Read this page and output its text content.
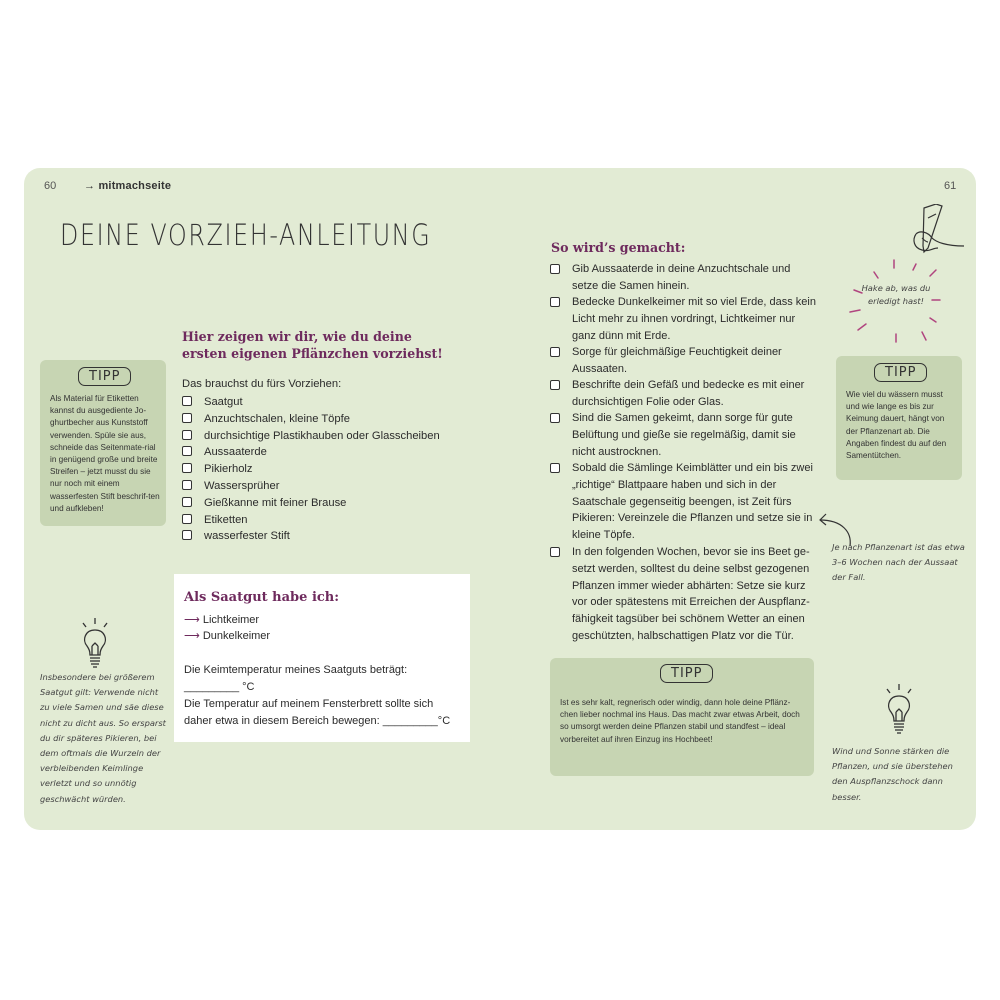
60	→ mitmachseite	61
DEINE VORZIEH-ANLEITUNG
TIPP
Als Material für Etiketten kannst du ausgediente Jo-ghurtbecher aus Kunststoff verwenden. Spüle sie aus, schneide das Seitenmate-rial in genügend große und breite Streifen – jetzt musst du sie nur noch mit einem wasserfesten Stift beschrif-ten und aufkleben!
Insbesondere bei größerem Saatgut gilt: Verwende nicht zu viele Samen und säe diese nicht zu dicht aus. So ersparst du dir späteres Pikieren, bei dem oftmals die Wurzeln der verbleibenden Keimlinge verletzt und so unnötig geschwächt würden.
Hier zeigen wir dir, wie du deine
ersten eigenen Pflänzchen vorziehst!
Das brauchst du fürs Vorziehen:
Saatgut
Anzuchtschalen, kleine Töpfe
durchsichtige Plastikhauben oder Glasscheiben
Aussaaterde
Pikierholz
Wassersprüher
Gießkanne mit feiner Brause
Etiketten
wasserfester Stift
Als Saatgut habe ich:
⟶ Lichtkeimer
⟶ Dunkelkeimer
Die Keimtemperatur meines Saatguts beträgt:
_________ °C
Die Temperatur auf meinem Fensterbrett sollte sich
daher etwa in diesem Bereich bewegen: _________°C
So wird’s gemacht:
Gib Aussaaterde in deine Anzuchtschale und setze die Samen hinein.
Bedecke Dunkelkeimer mit so viel Erde, dass kein Licht mehr zu ihnen vordringt, Lichtkeimer nur ganz dünn mit Erde.
Sorge für gleichmäßige Feuchtigkeit deiner Aussaaten.
Beschrifte dein Gefäß und bedecke es mit einer durchsichtigen Folie oder Glas.
Sind die Samen gekeimt, dann sorge für gute Belüftung und gieße sie regelmäßig, damit sie nicht austrocknen.
Sobald die Sämlinge Keimblätter und ein bis zwei „richtige“ Blattpaare haben und sich in der Saatschale gegenseitig beengen, ist Zeit fürs Pikieren: Vereinzele die Pflanzen und setze sie in kleine Töpfe.
In den folgenden Wochen, bevor sie ins Beet ge-setzt werden, solltest du deine selbst gezogenen Pflanzen immer wieder abhärten: Setze sie kurz vor oder spätestens mit Erreichen der Auspflanz-fähigkeit tagsüber bei schönem Wetter an einen geschützten, halbschattigen Platz vor die Tür.
TIPP
Ist es sehr kalt, regnerisch oder windig, dann hole deine Pflänz-chen lieber nochmal ins Haus. Das macht zwar etwas Arbeit, doch so umsorgt werden deine Pflanzen stabil und standfest – ideal vorbereitet auf ihren Einzug ins Hochbeet!
Hake ab, was du erledigt hast!
TIPP
Wie viel du wässern musst und wie lange es bis zur Keimung dauert, hängt von der Pflanzenart ab. Die Angaben findest du auf den Samentütchen.
Je nach Pflanzenart ist das etwa 3–6 Wochen nach der Aussaat der Fall.
Wind und Sonne stärken die Pflanzen, und sie überstehen den Auspflanzschock dann besser.
